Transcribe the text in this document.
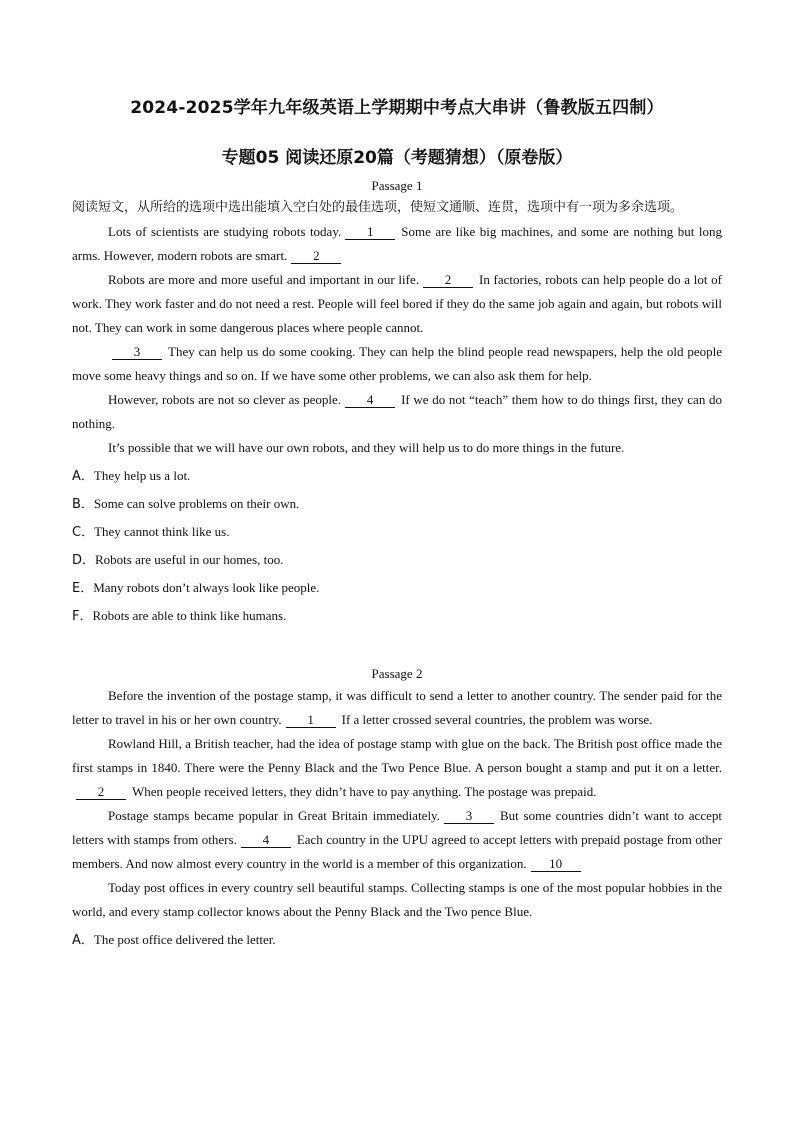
2024-2025学年九年级英语上学期期中考点大串讲（鲁教版五四制）
专题05 阅读还原20篇（考题猜想）（原卷版）
Passage 1

阅读短文，从所给的选项中选出能填入空白处的最佳选项，使短文通顺、连贯，选项中有一项为多余选项。

Lots of scientists are studying robots today. 1 Some are like big machines, and some are nothing but long arms. However, modern robots are smart. 2

Robots are more and more useful and important in our life. 2 In factories, robots can help people do a lot of work. They work faster and do not need a rest. People will feel bored if they do the same job again and again, but robots will not. They can work in some dangerous places where people cannot.

3 They can help us do some cooking. They can help the blind people read newspapers, help the old people move some heavy things and so on. If we have some other problems, we can also ask them for help.

However, robots are not so clever as people. 4 If we do not “teach” them how to do things first, they can do nothing.

It’s possible that we will have our own robots, and they will help us to do more things in the future.

A．They help us a lot.
B．Some can solve problems on their own.
C．They cannot think like us.
D．Robots are useful in our homes, too.
E．Many robots don’t always look like people.
F．Robots are able to think like humans.
Passage 2

Before the invention of the postage stamp, it was difficult to send a letter to another country. The sender paid for the letter to travel in his or her own country. 1 If a letter crossed several countries, the problem was worse.

Rowland Hill, a British teacher, had the idea of postage stamp with glue on the back. The British post office made the first stamps in 1840. There were the Penny Black and the Two Pence Blue. A person bought a stamp and put it on a letter.2 When people received letters, they didn’t have to pay anything. The postage was prepaid.

Postage stamps became popular in Great Britain immediately. 3 But some countries didn’t want to accept letters with stamps from others. 4 Each country in the UPU agreed to accept letters with prepaid postage from other members. And now almost every country in the world is a member of this organization. 10

Today post offices in every country sell beautiful stamps. Collecting stamps is one of the most popular hobbies in the world, and every stamp collector knows about the Penny Black and the Two pence Blue.

A．The post office delivered the letter.
